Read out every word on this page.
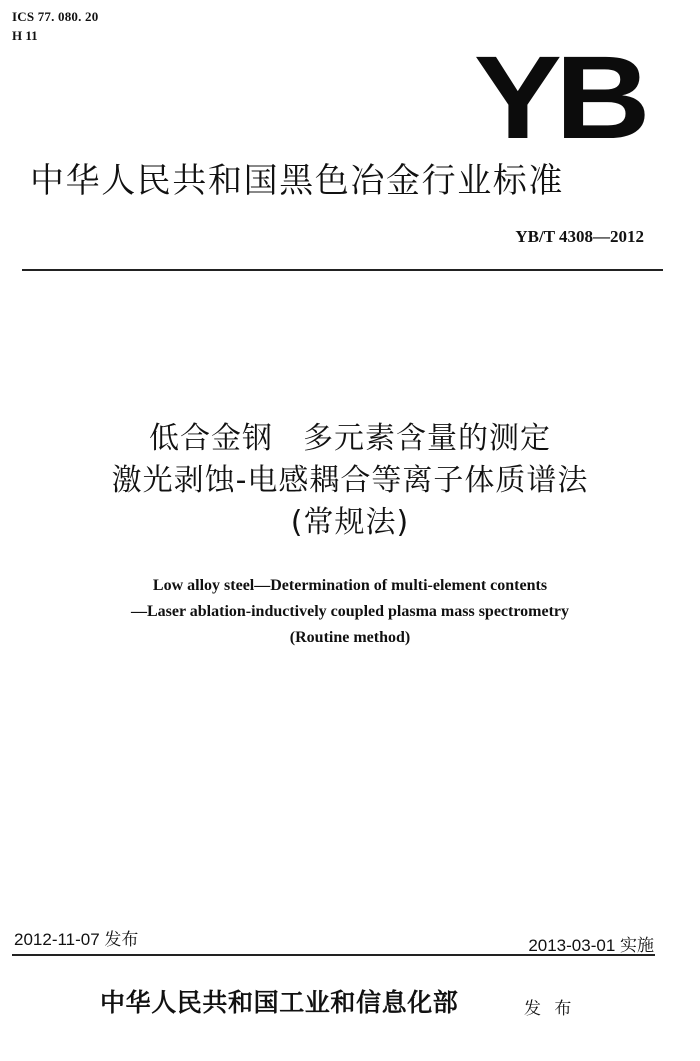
ICS 77. 080. 20
H 11	YB
中华人民共和国黑色冶金行业标准
YB/T 4308—2012
低合金钢 多元素含量的测定
激光剥蚀-电感耦合等离子体质谱法
(常规法)
Low alloy steel—Determination of multi-element contents
—Laser ablation-inductively coupled plasma mass spectrometry
(Routine method)
2012-11-07 发布	2013-03-01 实施
中华人民共和国工业和信息化部	发 布
